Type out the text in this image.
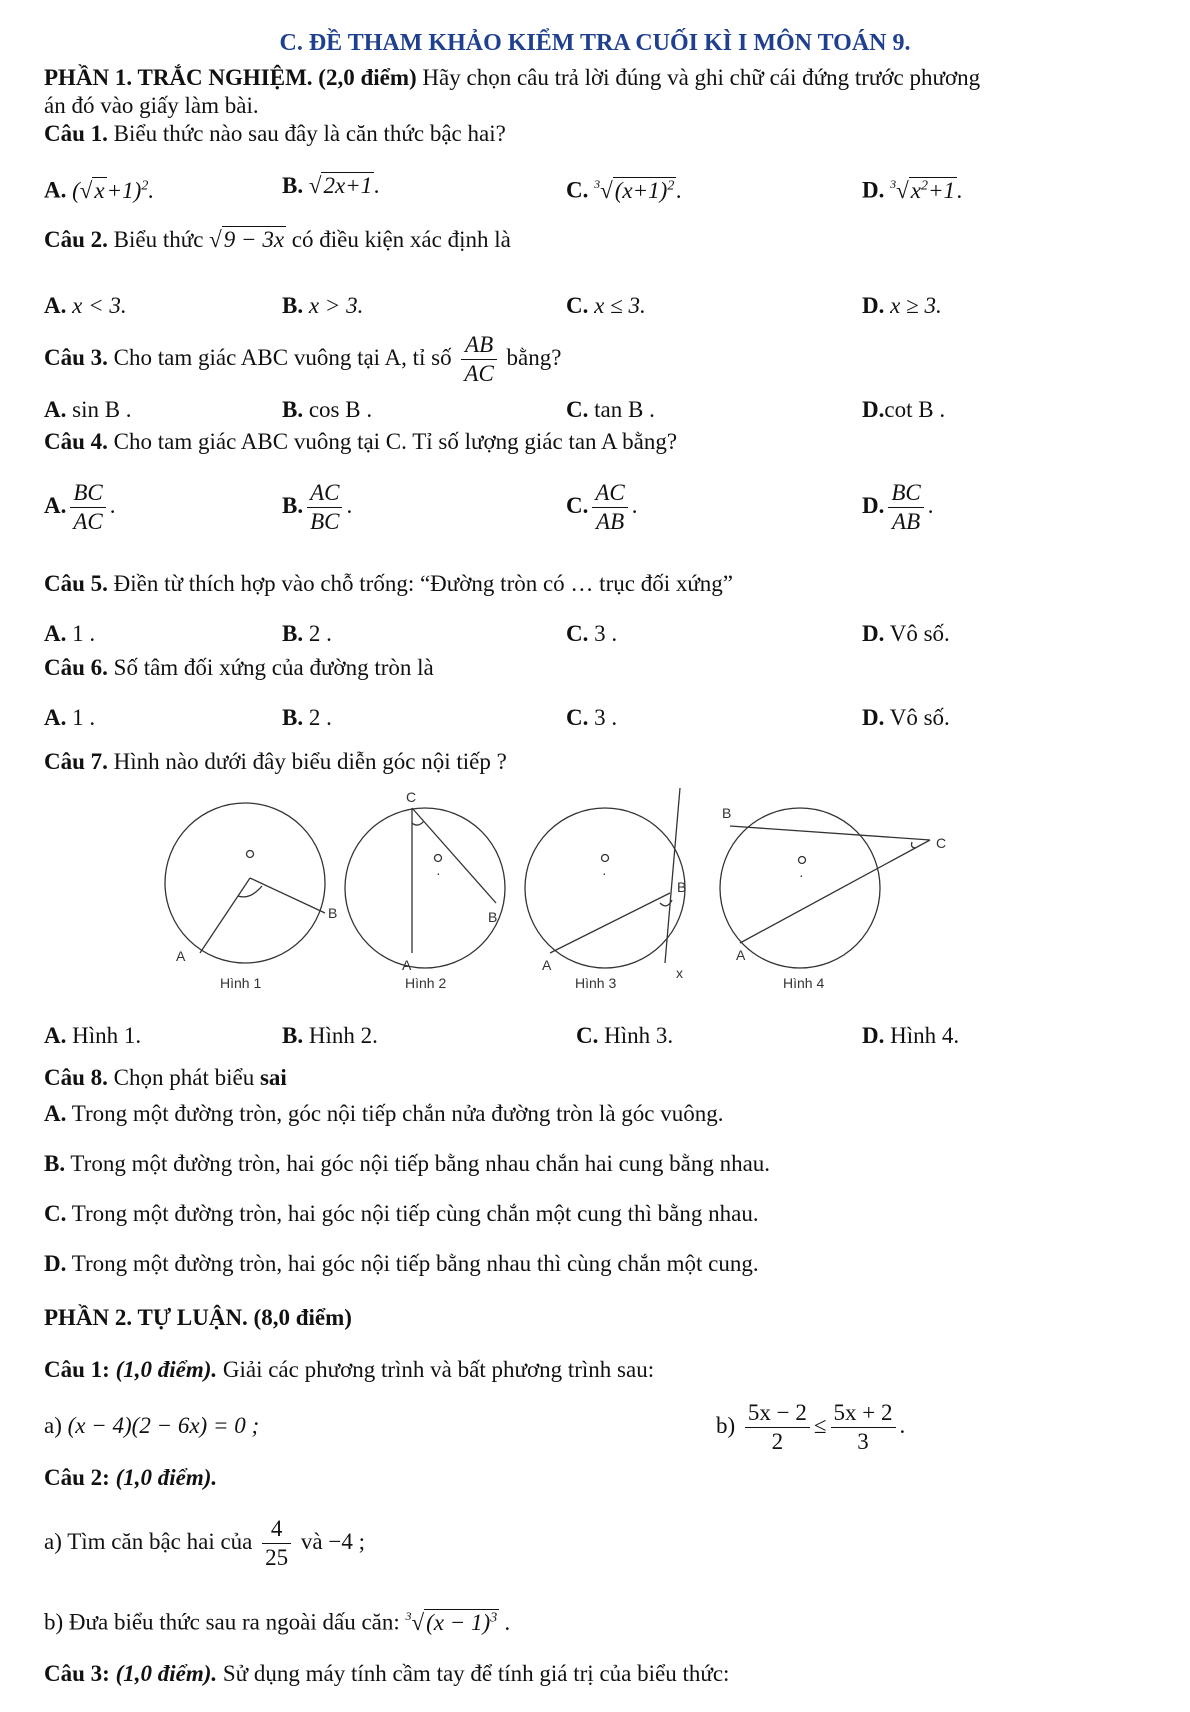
C. ĐỀ THAM KHẢO KIỂM TRA CUỐI KÌ I MÔN TOÁN 9.
PHẦN 1. TRẮC NGHIỆM. (2,0 điểm) Hãy chọn câu trả lời đúng và ghi chữ cái đứng trước phương
án đó vào giấy làm bài.
Câu 1. Biểu thức nào sau đây là căn thức bậc hai?
A. $(√x+1)^2$.	B. √2x+1.	C. $^3√(x+1)^2$.	D. $^3√x^2+1$.
Câu 2. Biểu thức √9 − 3x có điều kiện xác định là
A. x < 3.	B. x > 3.	C. x ≤ 3.	D. x ≥ 3.
Câu 3. Cho tam giác ABC vuông tại A, tỉ số $\frac{AB}{AC}$ bằng?
A. sin B .	B. cos B .	C. tan B .	D.cot B .
Câu 4. Cho tam giác ABC vuông tại C. Tỉ số lượng giác tan A bằng?
A. $\frac{BC}{AC}$ .	B. $\frac{AC}{BC}$ .	C. $\frac{AC}{AB}$ .	D. $\frac{BC}{AB}$ .
Câu 5. Điền từ thích hợp vào chỗ trống: “Đường tròn có … trục đối xứng”
A. 1 .	B. 2 .	C. 3 .	D. Vô số.
Câu 6. Số tâm đối xứng của đường tròn là
A. 1 .	B. 2 .	C. 3 .	D. Vô số.
Câu 7. Hình nào dưới đây biểu diễn góc nội tiếp ?
A
B
Hình 1
C
A
B
Hình 2
·
A
B
x
Hình 3
·
B
C
A
Hình 4
·
A. Hình 1.	B. Hình 2.	C. Hình 3.	D. Hình 4.
Câu 8. Chọn phát biểu sai
A. Trong một đường tròn, góc nội tiếp chắn nửa đường tròn là góc vuông.
B. Trong một đường tròn, hai góc nội tiếp bằng nhau chắn hai cung bằng nhau.
C. Trong một đường tròn, hai góc nội tiếp cùng chắn một cung thì bằng nhau.
D. Trong một đường tròn, hai góc nội tiếp bằng nhau thì cùng chắn một cung.
PHẦN 2. TỰ LUẬN. (8,0 điểm)
Câu 1: (1,0 điểm). Giải các phương trình và bất phương trình sau:
a) (x − 4)(2 − 6x) = 0 ;	$b) \frac{5x - 2}{2} \le \frac{5x + 2}{3}$ .
Câu 2: (1,0 điểm).
a) Tìm căn bậc hai của $\frac{4}{25}$ và −4 ;
b) Đưa biểu thức sau ra ngoài dấu căn: $^3√(x - 1)^3$ .
Câu 3: (1,0 điểm). Sử dụng máy tính cầm tay để tính giá trị của biểu thức:
